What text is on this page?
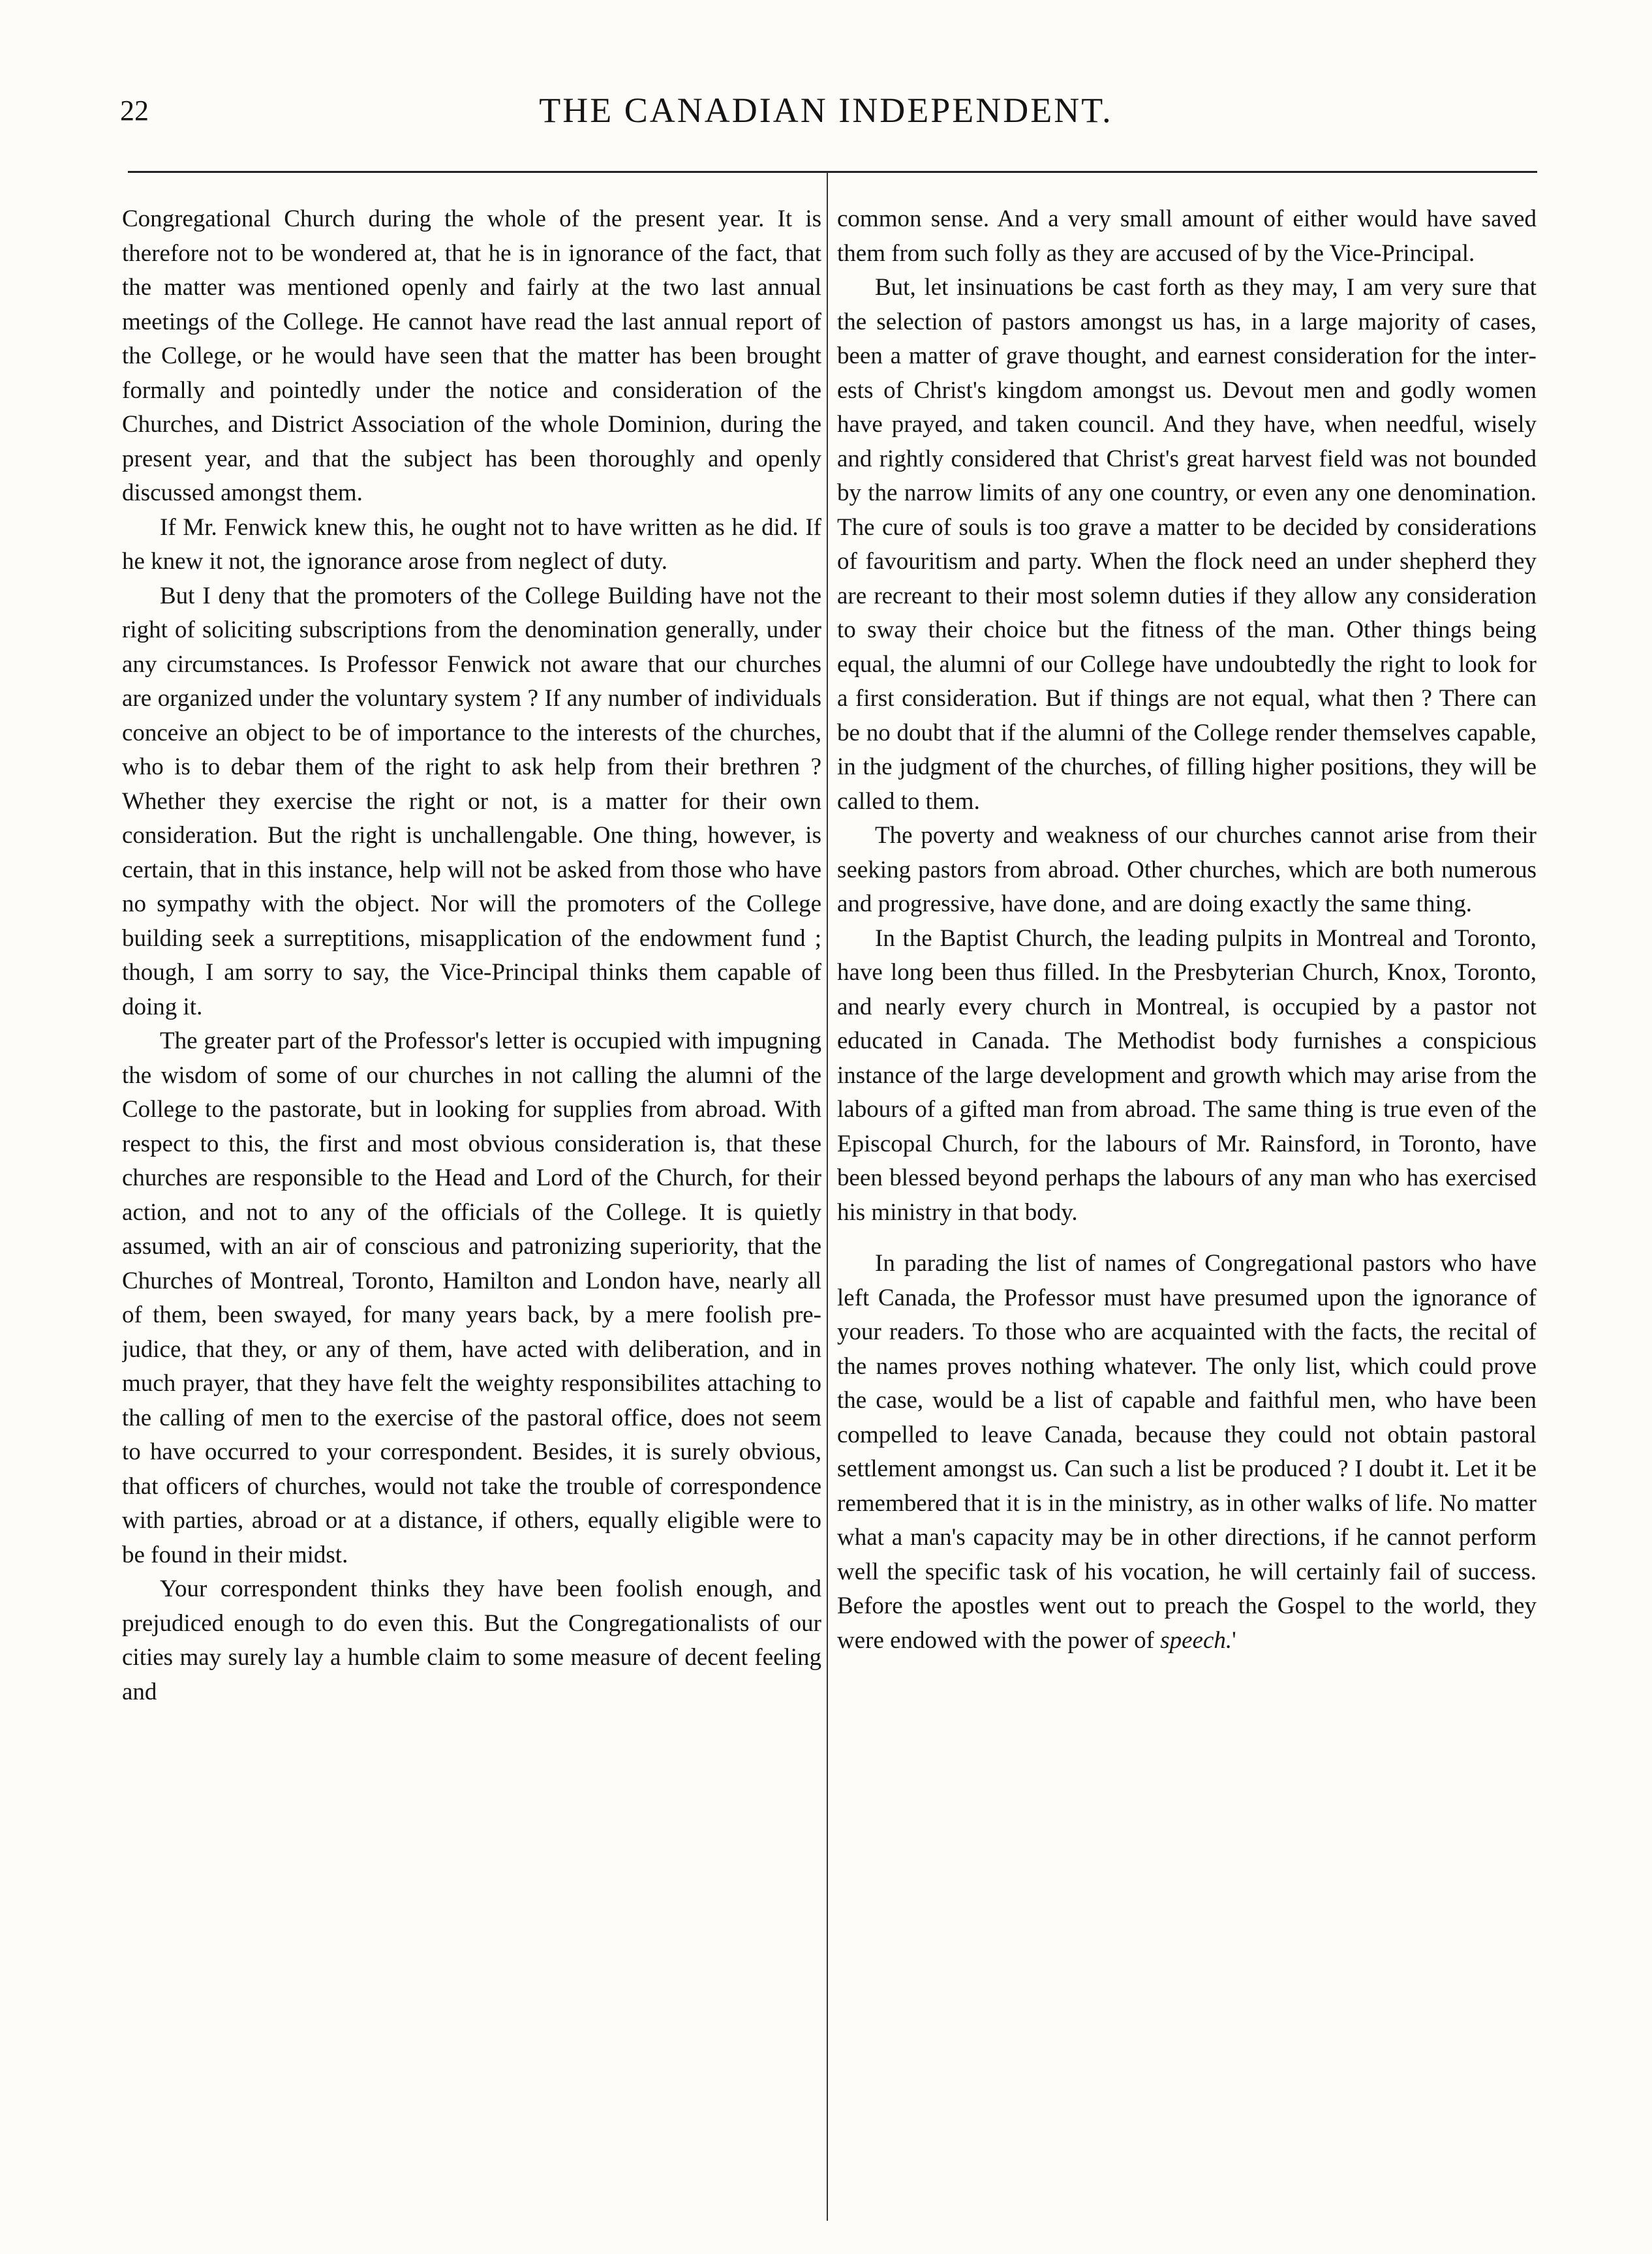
22	THE CANADIAN INDEPENDENT.

Congregational Church during the whole of the present year. It is therefore not to be wondered at, that he is in ignorance of the fact, that the matter was mentioned openly and fairly at the two last annual meetings of the College. He cannot have read the last annual report of the College, or he would have seen that the matter has been brought formally and pointedly under the notice and consideration of the Churches, and District Association of the whole Dominion, during the present year, and that the subject has been thoroughly and openly discussed amongst them.

If Mr. Fenwick knew this, he ought not to have written as he did. If he knew it not, the ignorance arose from neglect of duty.

But I deny that the promoters of the College Building have not the right of soliciting subscriptions from the denomination generally, under any circumstances. Is Professor Fenwick not aware that our churches are organized under the voluntary system ? If any number of individuals conceive an object to be of importance to the interests of the churches, who is to debar them of the right to ask help from their brethren ? Whether they exercise the right or not, is a matter for their own consideration. But the right is unchallengable. One thing, however, is certain, that in this instance, help will not be asked from those who have no sympathy with the object. Nor will the promoters of the College building seek a surreptitions, misapplication of the endowment fund ; though, I am sorry to say, the Vice-Principal thinks them capable of doing it.

The greater part of the Professor's letter is occupied with impugning the wisdom of some of our churches in not calling the alumni of the College to the pastorate, but in looking for supplies from abroad. With respect to this, the first and most obvious consideration is, that these churches are responsible to the Head and Lord of the Church, for their action, and not to any of the officials of the College. It is quietly assumed, with an air of conscious and patronizing superiority, that the Churches of Montreal, Toronto, Hamilton and London have, nearly all of them, been swayed, for many years back, by a mere foolish prejudice, that they, or any of them, have acted with deliberation, and in much prayer, that they have felt the weighty responsibilites attaching to the calling of men to the exercise of the pastoral office, does not seem to have occurred to your correspondent. Besides, it is surely obvious, that officers of churches, would not take the trouble of correspondence with parties, abroad or at a distance, if others, equally eligible were to be found in their midst.

Your correspondent thinks they have been foolish enough, and prejudiced enough to do even this. But the Congregationalists of our cities may surely lay a humble claim to some measure of decent feeling and

common sense. And a very small amount of either would have saved them from such folly as they are accused of by the Vice-Principal.

But, let insinuations be cast forth as they may, I am very sure that the selection of pastors amongst us has, in a large majority of cases, been a matter of grave thought, and earnest consideration for the interests of Christ's kingdom amongst us. Devout men and godly women have prayed, and taken council. And they have, when needful, wisely and rightly considered that Christ's great harvest field was not bounded by the narrow limits of any one country, or even any one denomination. The cure of souls is too grave a matter to be decided by considerations of favouritism and party. When the flock need an under shepherd they are recreant to their most solemn duties if they allow any consideration to sway their choice but the fitness of the man. Other things being equal, the alumni of our College have undoubtedly the right to look for a first consideration. But if things are not equal, what then ? There can be no doubt that if the alumni of the College render themselves capable, in the judgment of the churches, of filling higher positions, they will be called to them.

The poverty and weakness of our churches cannot arise from their seeking pastors from abroad. Other churches, which are both numerous and progressive, have done, and are doing exactly the same thing.

In the Baptist Church, the leading pulpits in Montreal and Toronto, have long been thus filled. In the Presbyterian Church, Knox, Toronto, and nearly every church in Montreal, is occupied by a pastor not educated in Canada. The Methodist body furnishes a conspicious instance of the large development and growth which may arise from the labours of a gifted man from abroad. The same thing is true even of the Episcopal Church, for the labours of Mr. Rainsford, in Toronto, have been blessed beyond perhaps the labours of any man who has exercised his ministry in that body.

In parading the list of names of Congregational pastors who have left Canada, the Professor must have presumed upon the ignorance of your readers. To those who are acquainted with the facts, the recital of the names proves nothing whatever. The only list, which could prove the case, would be a list of capable and faithful men, who have been compelled to leave Canada, because they could not obtain pastoral settlement amongst us. Can such a list be produced ? I doubt it. Let it be remembered that it is in the ministry, as in other walks of life. No matter what a man's capacity may be in other directions, if he cannot perform well the specific task of his vocation, he will certainly fail of success. Before the apostles went out to preach the Gospel to the world, they were endowed with the power of speech.'
